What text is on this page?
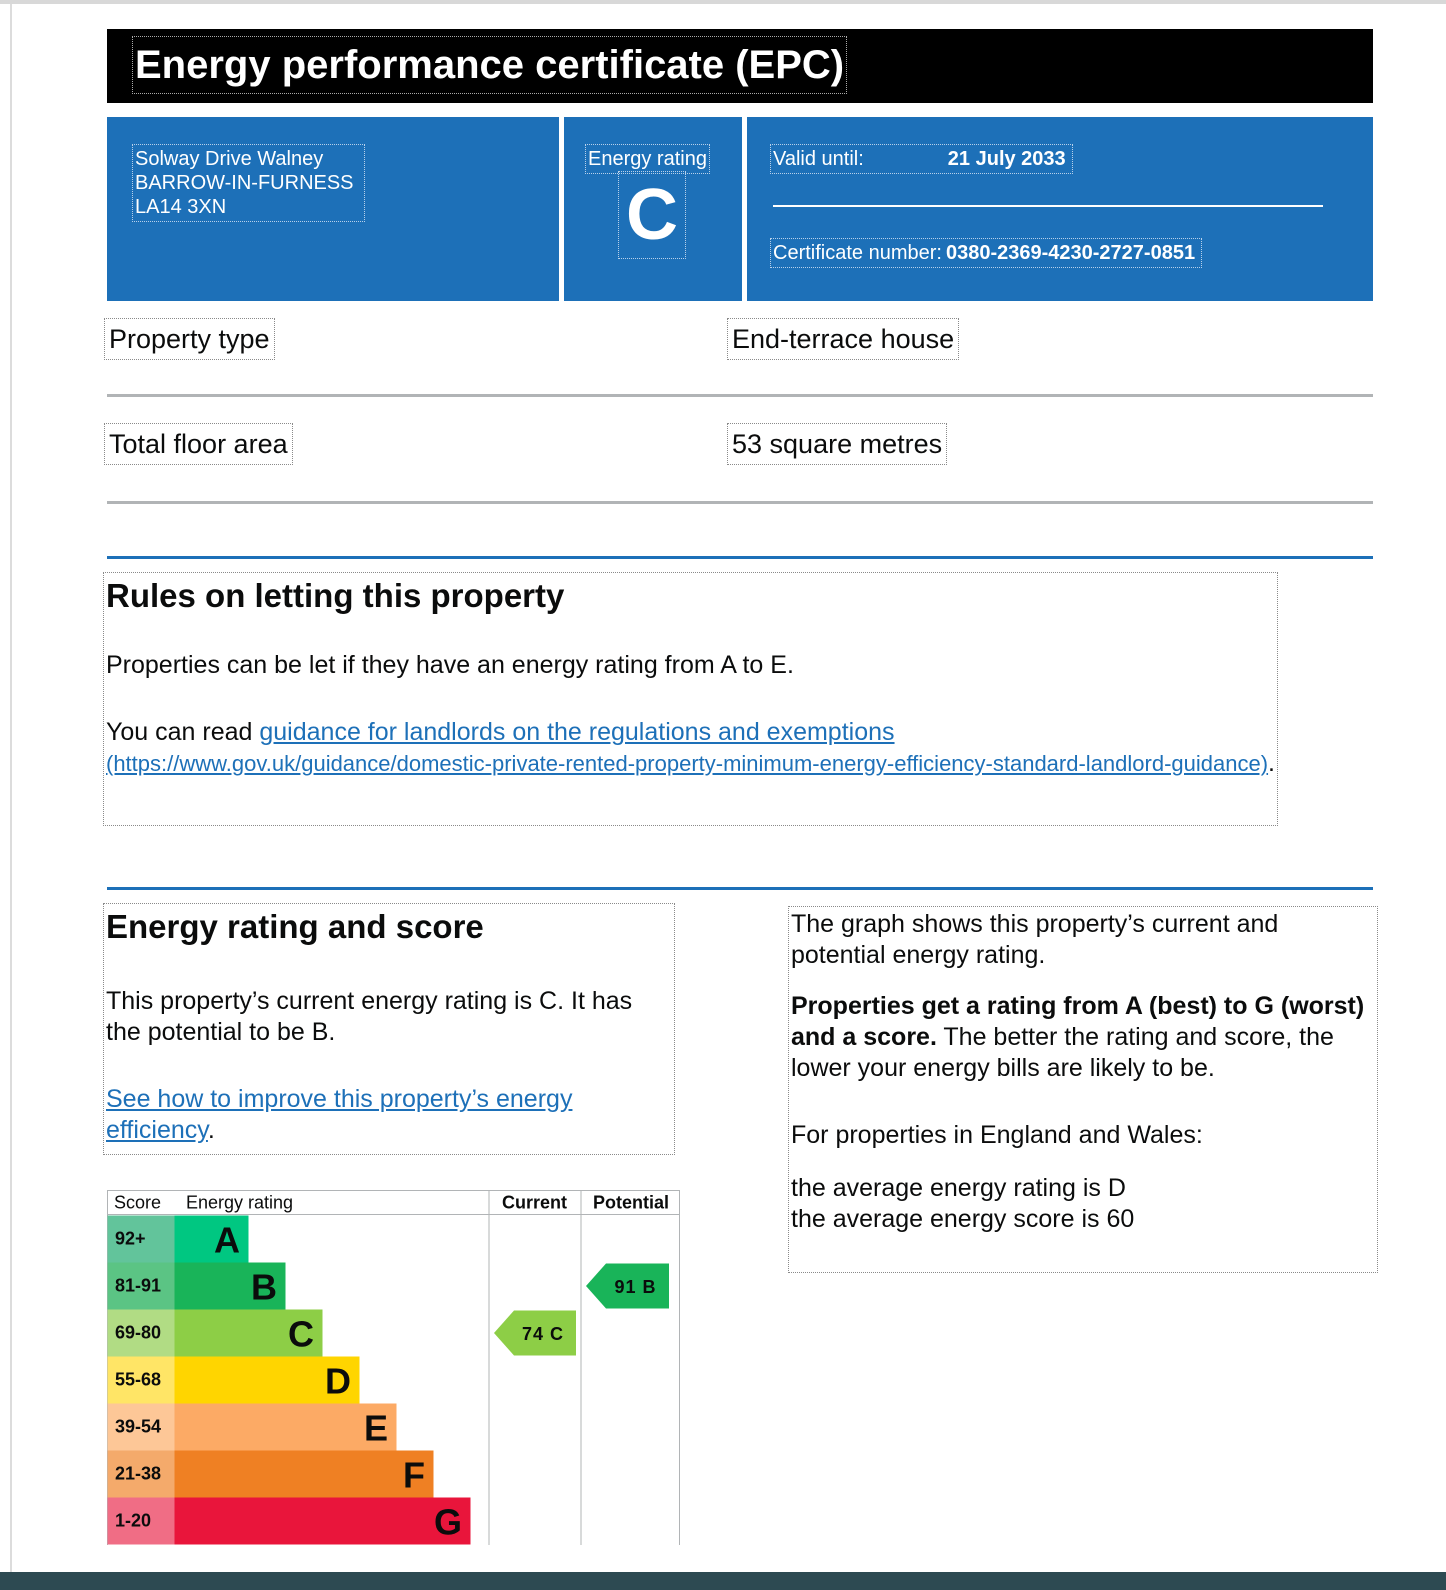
Energy performance certificate (EPC)
Solway Drive Walney
BARROW-IN-FURNESS
LA14 3XN
Energy rating
C
Valid until:	21 July 2033
Certificate number: 0380-2369-4230-2727-0851
Property type	End-terrace house
Total floor area	53 square metres
Rules on letting this property

Properties can be let if they have an energy rating from A to E.

You can read guidance for landlords on the regulations and exemptions

(https://www.gov.uk/guidance/domestic-private-rented-property-minimum-energy-efficiency-standard-landlord-guidance).

Energy rating and score

This property’s current energy rating is C. It has the potential to be B.

See how to improve this property’s energy efficiency.

The graph shows this property’s current and potential energy rating.

Properties get a rating from A (best) to G (worst) and a score. The better the rating and score, the lower your energy bills are likely to be.

For properties in England and Wales:

the average energy rating is D

the average energy score is 60

Score Energy rating	Current Potential
92+ A
81-91 B
69-80	C
55-68	D
39-54	E
21-38	F
1-20	G
74 C
91 B
